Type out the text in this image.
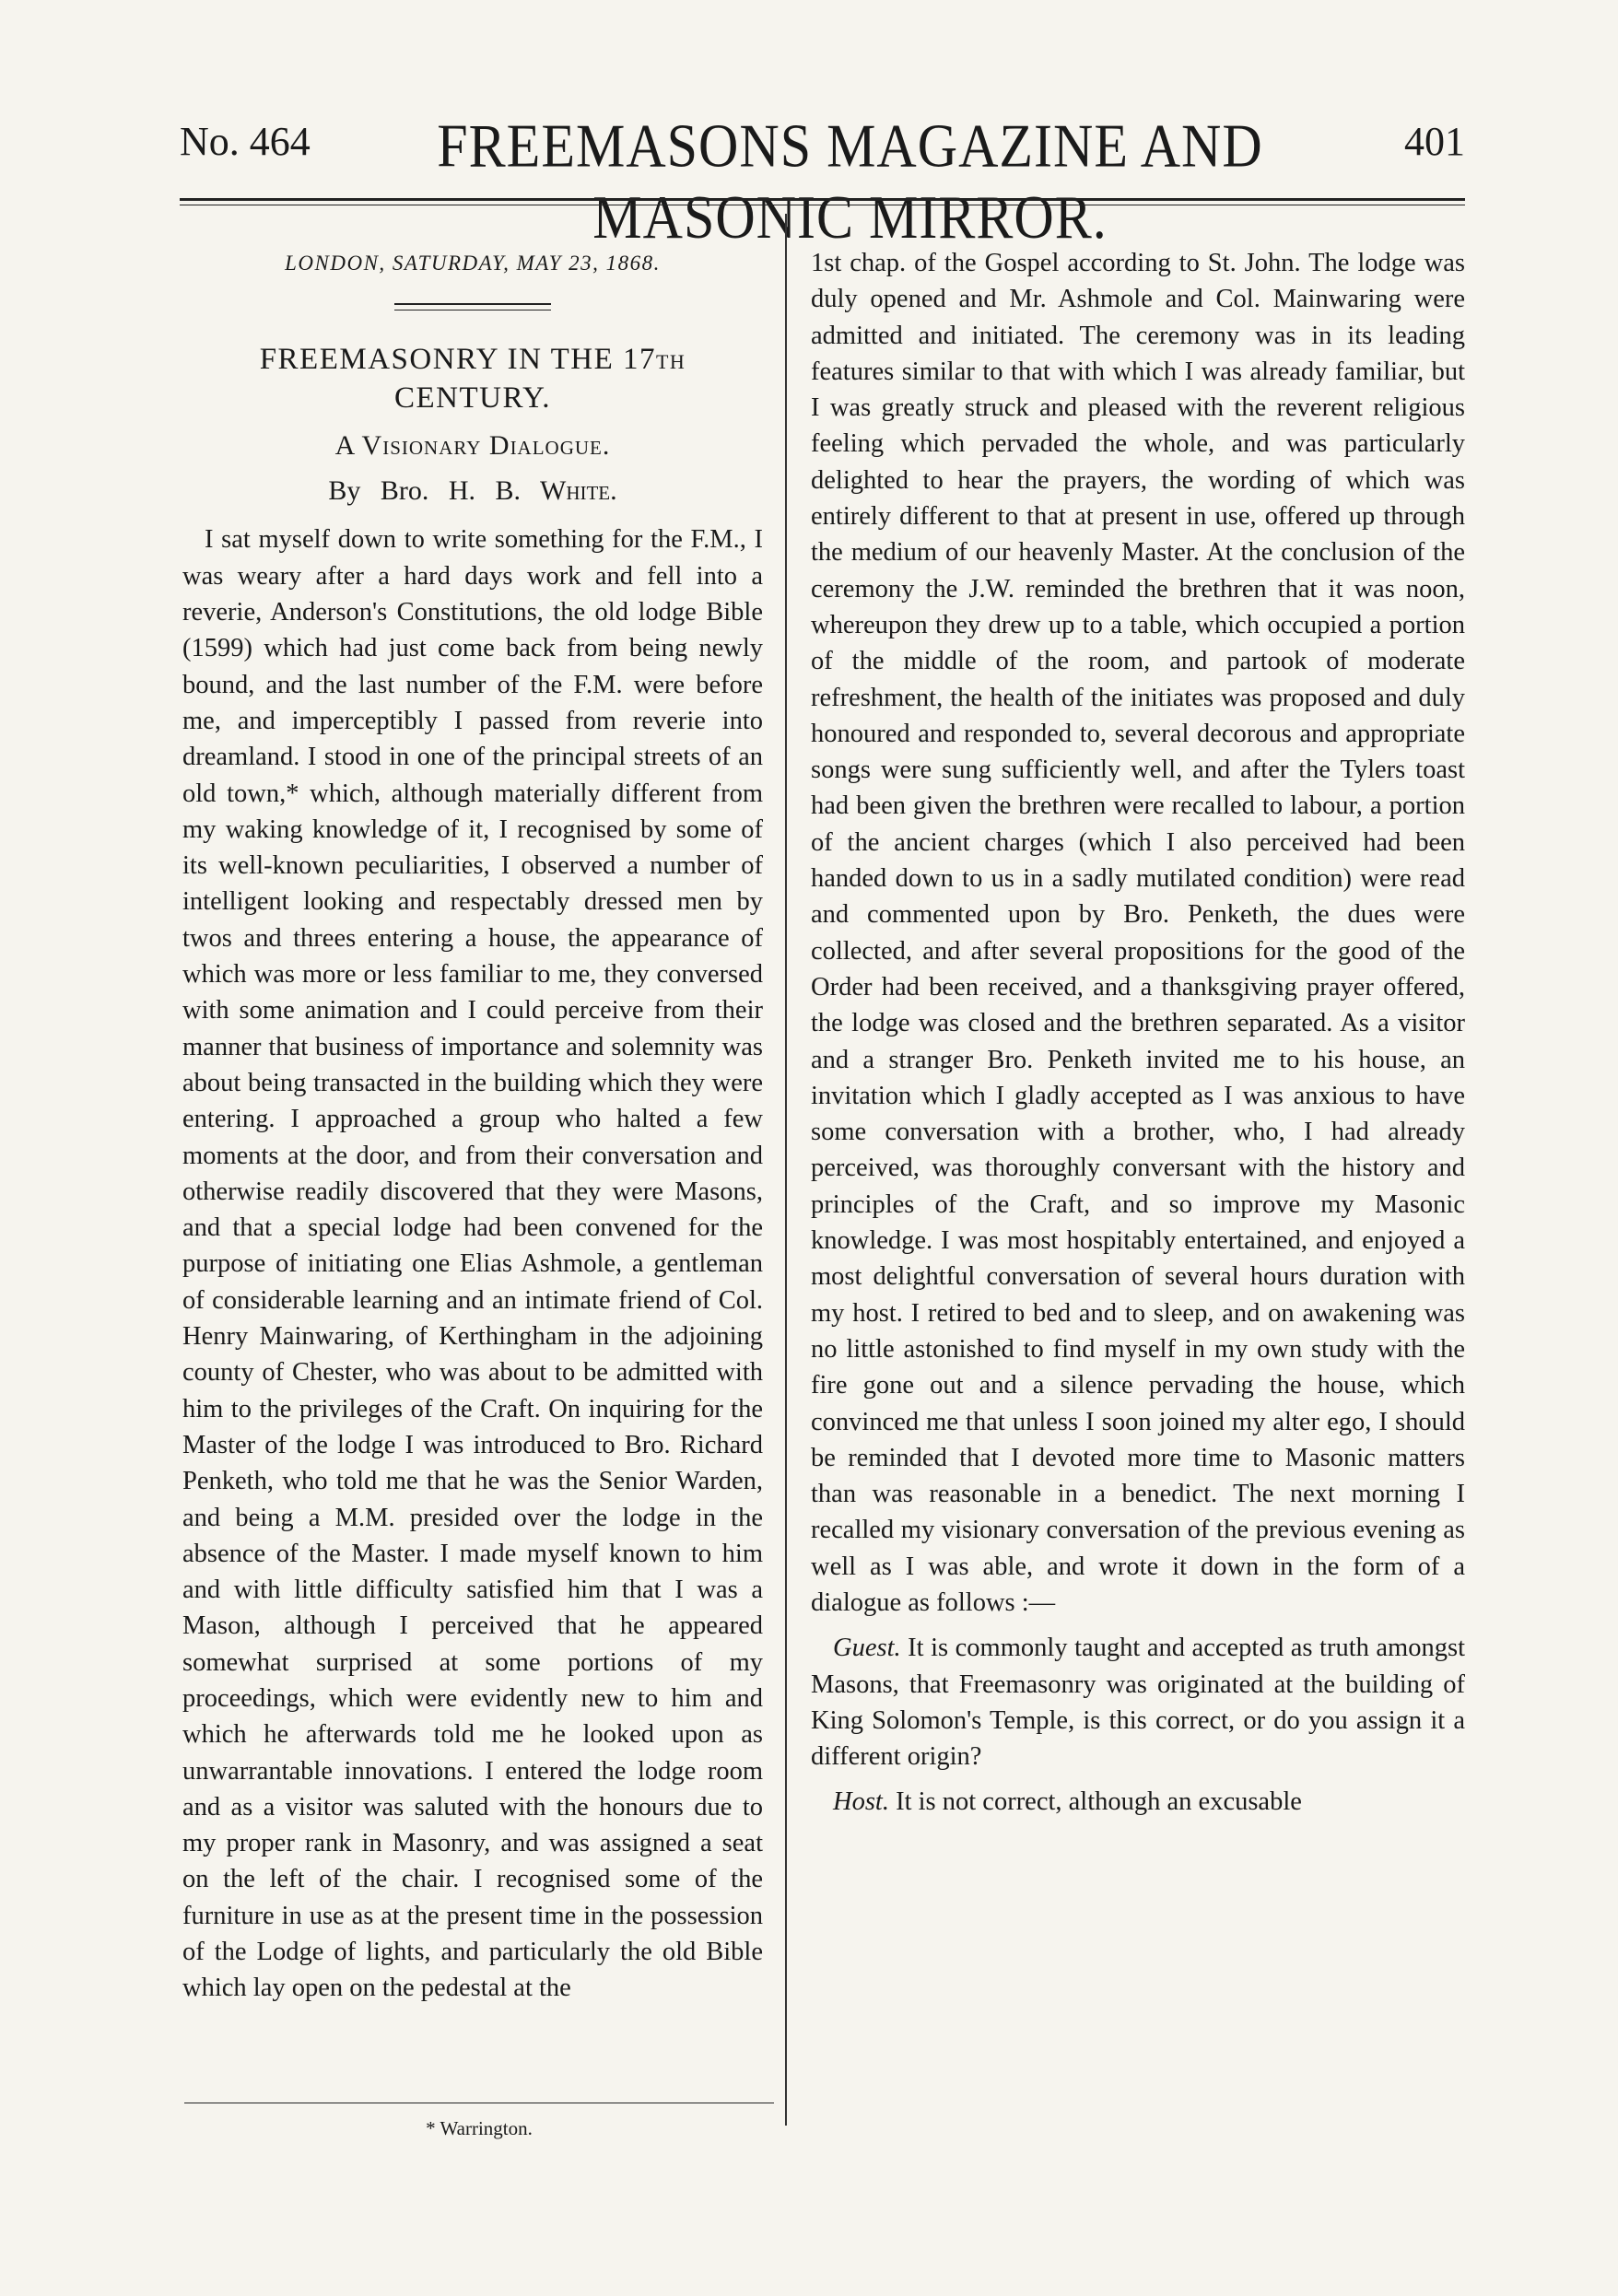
No. 464	FREEMASONS MAGAZINE AND MASONIC MIRROR.
401
LONDON, SATURDAY, MAY 23, 1868.
FREEMASONRY IN THE 17TH CENTURY.
A Visionary Dialogue.
By Bro. H. B. White.

I sat myself down to write something for the F.M., I was weary after a hard days work and fell into a reverie, Anderson's Constitutions, the old lodge Bible (1599) which had just come back from being newly bound, and the last number of the F.M. were before me, and imperceptibly I passed from reverie into dreamland. I stood in one of the principal streets of an old town,* which, although materially different from my waking knowledge of it, I recognised by some of its well-known peculiarities, I observed a number of intelligent looking and respectably dressed men by twos and threes entering a house, the appearance of which was more or less familiar to me, they conversed with some animation and I could perceive from their manner that business of importance and solemnity was about being transacted in the building which they were entering. I approached a group who halted a few moments at the door, and from their conversation and otherwise readily discovered that they were Masons, and that a special lodge had been convened for the purpose of initiating one Elias Ashmole, a gentleman of considerable learning and an intimate friend of Col. Henry Mainwaring, of Kerthingham in the adjoining county of Chester, who was about to be admitted with him to the privileges of the Craft. On inquiring for the Master of the lodge I was introduced to Bro. Richard Penketh, who told me that he was the Senior Warden, and being a M.M. presided over the lodge in the absence of the Master. I made myself known to him and with little difficulty satisfied him that I was a Mason, although I perceived that he appeared somewhat surprised at some portions of my proceedings, which were evidently new to him and which he afterwards told me he looked upon as unwarrantable innovations. I entered the lodge room and as a visitor was saluted with the honours due to my proper rank in Masonry, and was assigned a seat on the left of the chair. I recognised some of the furniture in use as at the present time in the possession of the Lodge of lights, and particularly the old Bible which lay open on the pedestal at the

* Warrington.

1st chap. of the Gospel according to St. John. The lodge was duly opened and Mr. Ashmole and Col. Mainwaring were admitted and initiated. The ceremony was in its leading features similar to that with which I was already familiar, but I was greatly struck and pleased with the reverent religious feeling which pervaded the whole, and was particularly delighted to hear the prayers, the wording of which was entirely different to that at present in use, offered up through the medium of our heavenly Master. At the conclusion of the ceremony the J.W. reminded the brethren that it was noon, whereupon they drew up to a table, which occupied a portion of the middle of the room, and partook of moderate refreshment, the health of the initiates was proposed and duly honoured and responded to, several decorous and appropriate songs were sung sufficiently well, and after the Tylers toast had been given the brethren were recalled to labour, a portion of the ancient charges (which I also perceived had been handed down to us in a sadly mutilated condition) were read and commented upon by Bro. Penketh, the dues were collected, and after several propositions for the good of the Order had been received, and a thanksgiving prayer offered, the lodge was closed and the brethren separated. As a visitor and a stranger Bro. Penketh invited me to his house, an invitation which I gladly accepted as I was anxious to have some conversation with a brother, who, I had already perceived, was thoroughly conversant with the history and principles of the Craft, and so improve my Masonic knowledge. I was most hospitably entertained, and enjoyed a most delightful conversation of several hours duration with my host. I retired to bed and to sleep, and on awakening was no little astonished to find myself in my own study with the fire gone out and a silence pervading the house, which convinced me that unless I soon joined my alter ego, I should be reminded that I devoted more time to Masonic matters than was reasonable in a benedict. The next morning I recalled my visionary conversation of the previous evening as well as I was able, and wrote it down in the form of a dialogue as follows :—

Guest. It is commonly taught and accepted as truth amongst Masons, that Freemasonry was originated at the building of King Solomon's Temple, is this correct, or do you assign it a different origin?

Host. It is not correct, although an excusable
